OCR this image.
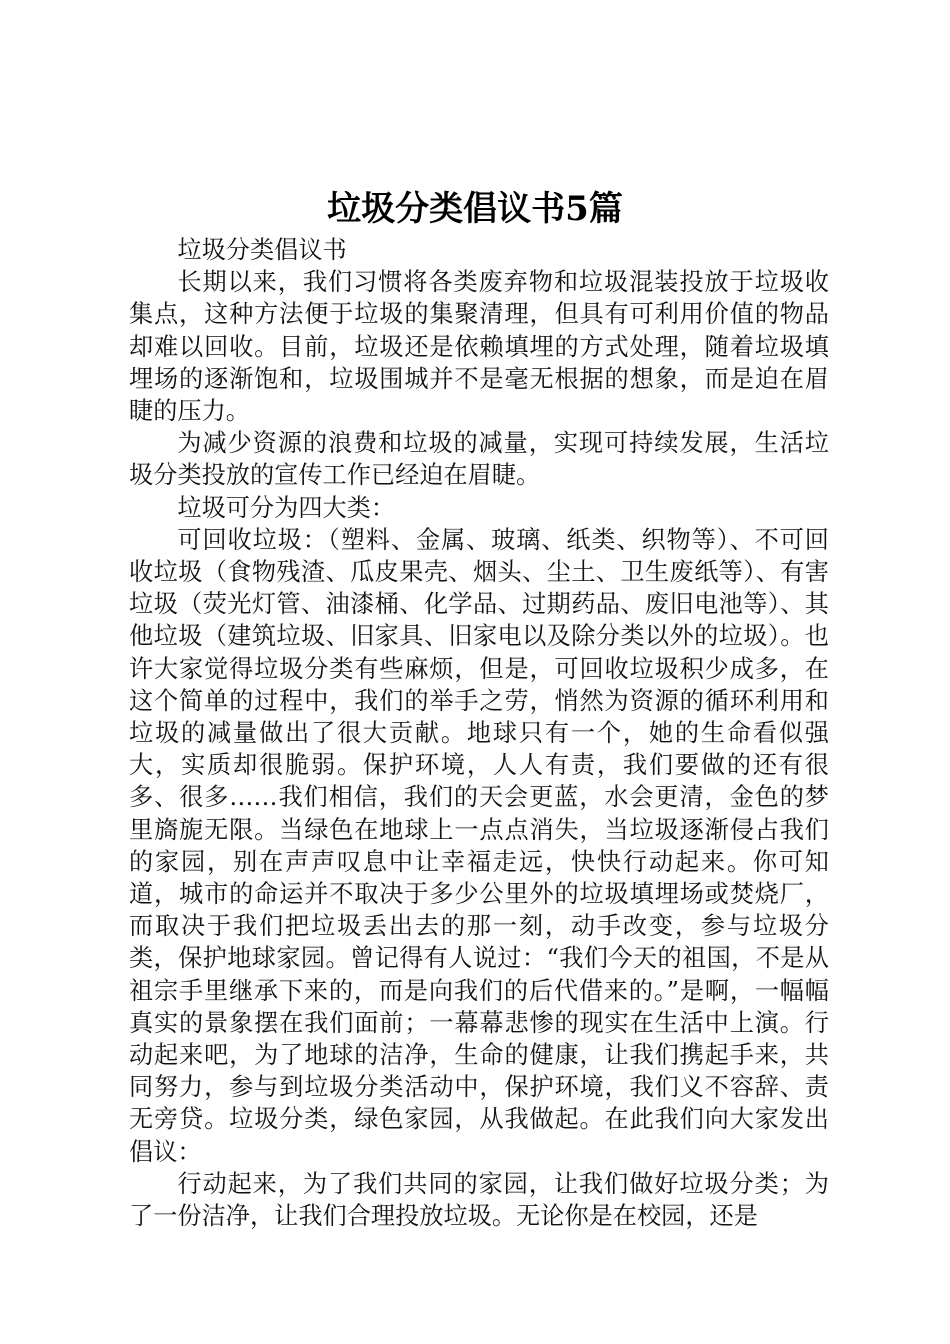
垃圾分类倡议书5篇

垃圾分类倡议书

长期以来，我们习惯将各类废弃物和垃圾混装投放于垃圾收集点，这种方法便于垃圾的集聚清理，但具有可利用价值的物品却难以回收。目前，垃圾还是依赖填埋的方式处理，随着垃圾填埋场的逐渐饱和，垃圾围城并不是毫无根据的想象，而是迫在眉睫的压力。

为减少资源的浪费和垃圾的减量，实现可持续发展，生活垃圾分类投放的宣传工作已经迫在眉睫。

垃圾可分为四大类：

可回收垃圾：（塑料、金属、玻璃、纸类、织物等）、不可回收垃圾（食物残渣、瓜皮果壳、烟头、尘土、卫生废纸等）、有害垃圾（荧光灯管、油漆桶、化学品、过期药品、废旧电池等）、其他垃圾（建筑垃圾、旧家具、旧家电以及除分类以外的垃圾）。也许大家觉得垃圾分类有些麻烦，但是，可回收垃圾积少成多，在这个简单的过程中，我们的举手之劳，悄然为资源的循环利用和垃圾的减量做出了很大贡献。地球只有一个，她的生命看似强大，实质却很脆弱。保护环境，人人有责，我们要做的还有很多、很多……我们相信，我们的天会更蓝，水会更清，金色的梦里旖旎无限。当绿色在地球上一点点消失，当垃圾逐渐侵占我们的家园，别在声声叹息中让幸福走远，快快行动起来。你可知道，城市的命运并不取决于多少公里外的垃圾填埋场或焚烧厂，而取决于我们把垃圾丢出去的那一刻，动手改变，参与垃圾分类，保护地球家园。曾记得有人说过：“我们今天的祖国，不是从祖宗手里继承下来的，而是向我们的后代借来的。”是啊，一幅幅真实的景象摆在我们面前；一幕幕悲惨的现实在生活中上演。行动起来吧，为了地球的洁净，生命的健康，让我们携起手来，共同努力，参与到垃圾分类活动中，保护环境，我们义不容辞、责无旁贷。垃圾分类，绿色家园，从我做起。在此我们向大家发出倡议：

行动起来，为了我们共同的家园，让我们做好垃圾分类；为了一份洁净，让我们合理投放垃圾。无论你是在校园，还是
